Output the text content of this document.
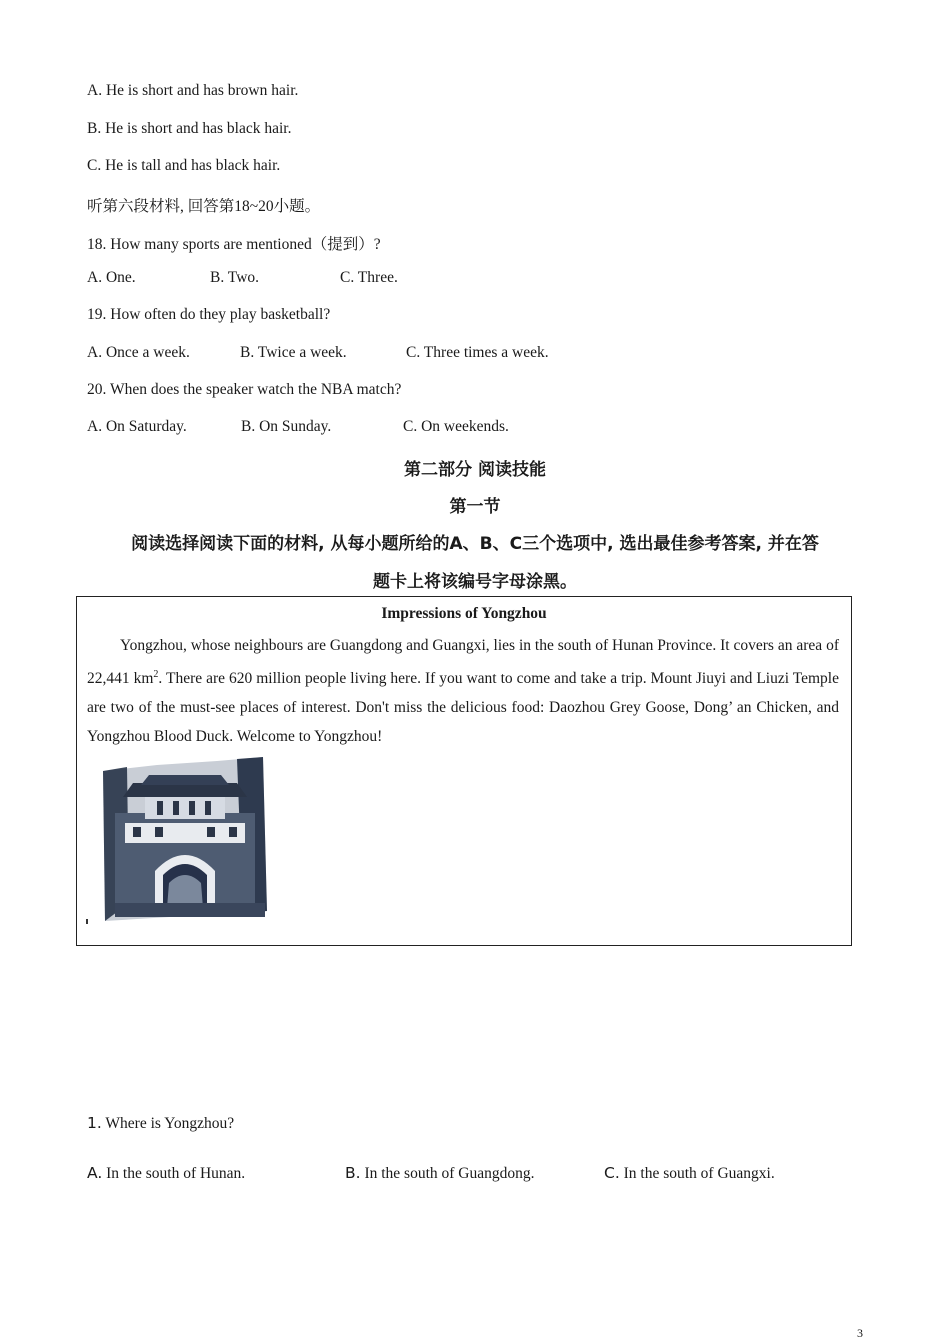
A. He is short and has brown hair.
B. He is short and has black hair.
C. He is tall and has black hair.
听第六段材料, 回答第18~20小题。
18. How many sports are mentioned（提到）?
A. One.	B. Two.	C. Three.
19. How often do they play basketball?
A. Once a week.	B. Twice a week.	C. Three times a week.
20. When does the speaker watch the NBA match?
A. On Saturday.	B. On Sunday.	C. On weekends.
第二部分 阅读技能
第一节
阅读选择阅读下面的材料, 从每小题所给的A、B、C三个选项中, 选出最佳参考答案, 并在答
题卡上将该编号字母涂黑。
Impressions of Yongzhou
Yongzhou, whose neighbours are Guangdong and Guangxi, lies in the south of Hunan Province. It covers an area of 22,441 $km^2$. There are 620 million people living here. If you want to come and take a trip. Mount Jiuyi and Liuzi Temple are two of the must-see places of interest. Don't miss the delicious food: Daozhou Grey Goose, Dong’ an Chicken, and Yongzhou Blood Duck. Welcome to Yongzhou!
1. Where is Yongzhou?
A. In the south of Hunan.	B. In the south of Guangdong.	C. In the south of Guangxi.
3
